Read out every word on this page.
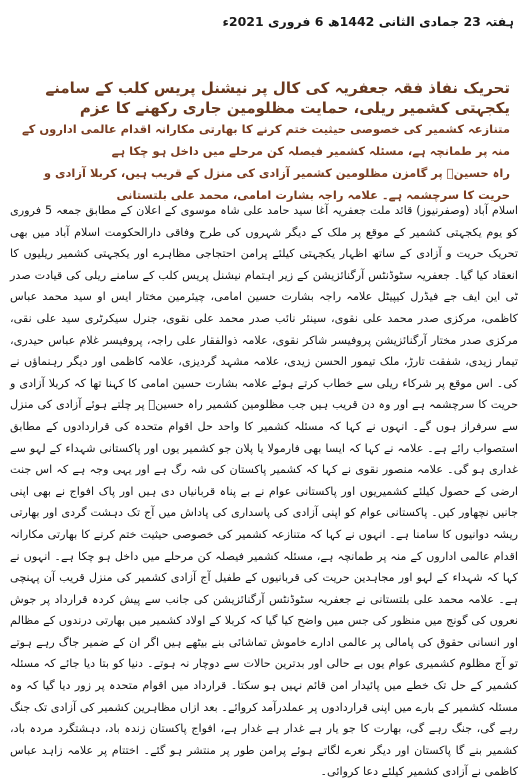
ہفتہ 23 جمادی الثانی 1442ھ 6 فروری 2021ء
تحریک نفاذ فقہ جعفریہ کی کال پر نیشنل پریس کلب کے سامنے یکجہتی کشمیر ریلی، حمایت مظلومین جاری رکھنے کا عزم

متنازعہ کشمیر کی خصوصی حیثیت ختم کرنے کا بھارتی مکارانہ اقدام عالمی اداروں کے منہ پر طمانچہ ہے، مسئلہ کشمیر فیصلہ کن مرحلے میں داخل ہو چکا ہے

راہ حسینؑ پر گامزن مظلومین کشمیر آزادی کی منزل کے قریب ہیں، کربلا آزادی و حریت کا سرچشمہ ہے۔ علامہ راجہ بشارت امامی، محمد علی بلتستانی

اسلام آباد (وصفرنیوز) قائد ملت جعفریہ آغا سید حامد علی شاہ موسوی کے اعلان کے مطابق جمعہ 5 فروری کو یوم یکجہتی کشمیر کے موقع پر ملک کے دیگر شہروں کی طرح وفاقی دارالحکومت اسلام آباد میں بھی تحریک حریت و آزادی کے ساتھ اظہار یکجہتی کیلئے پرامن احتجاجی مظاہرے اور یکجہتی کشمیر ریلیوں کا انعقاد کیا گیا۔ جعفریہ سٹوڈنٹس آرگنائزیشن کے زیر اہتمام نیشنل پریس کلب کے سامنے ریلی کی قیادت صدر ٹی این ایف جے فیڈرل کیپیٹل علامہ راجہ بشارت حسین امامی، چیئرمین مختار ایس او سید محمد عباس کاظمی، مرکزی صدر محمد علی نقوی، سینئر نائب صدر محمد علی نقوی، جنرل سیکرٹری سید علی نقی، مرکزی صدر مختار آرگنائزیشن پروفیسر شاکر نقوی، علامہ ذوالفقار علی راجہ، پروفیسر غلام عباس حیدری، تیمار زیدی، شفقت تارڑ، ملک تیمور الحسن زیدی، علامہ مشہد گردیزی، علامہ کاظمی اور دیگر رہنماؤں نے کی۔ اس موقع پر شرکاء ریلی سے خطاب کرتے ہوئے علامہ بشارت حسین امامی کا کہنا تھا کہ کربلا آزادی و حریت کا سرچشمہ ہے اور وہ دن قریب ہیں جب مظلومین کشمیر راہ حسینؑ پر چلتے ہوئے آزادی کی منزل سے سرفراز ہوں گے۔ انہوں نے کہا کہ مسئلہ کشمیر کا واحد حل اقوام متحدہ کی قراردادوں کے مطابق استصواب رائے ہے۔ علامہ نے کہا کہ ایسا بھی فارمولا یا پلان جو کشمیر یوں اور پاکستانی شہداء کے لہو سے غداری ہو گی۔ علامہ منصور نقوی نے کہا کہ کشمیر پاکستان کی شہ رگ ہے اور یہی وجہ ہے کہ اس جنت ارضی کے حصول کیلئے کشمیریوں اور پاکستانی عوام نے بے پناہ قربانیاں دی ہیں اور پاک افواج نے بھی اپنی جانیں نچھاور کیں۔ پاکستانی عوام کو اپنی آزادی کی پاسداری کی پاداش میں آج تک دہشت گردی اور بھارتی ریشہ دوانیوں کا سامنا ہے۔ انہوں نے کہا کہ متنازعہ کشمیر کی خصوصی حیثیت ختم کرنے کا بھارتی مکارانہ اقدام عالمی اداروں کے منہ پر طمانچہ ہے، مسئلہ کشمیر فیصلہ کن مرحلے میں داخل ہو چکا ہے۔ انہوں نے کہا کہ شہداء کے لہو اور مجاہدین حریت کی قربانیوں کے طفیل آج آزادی کشمیر کی منزل قریب آن پہنچی ہے۔ علامہ محمد علی بلتستانی نے جعفریہ سٹوڈنٹس آرگنائزیشن کی جانب سے پیش کردہ قرارداد پر جوش نعروں کی گونج میں منظور کی جس میں واضح کیا گیا کہ کربلا کے اولاد کشمیر میں بھارتی درندوں کے مظالم اور انسانی حقوق کی پامالی پر عالمی ادارے خاموش تماشائی بنے بیٹھے ہیں اگر ان کے ضمیر جاگ رہے ہوتے تو آج مظلوم کشمیری عوام یوں بے حالی اور بدترین حالات سے دوچار نہ ہوتے۔ دنیا کو بتا دیا جائے کہ مسئلہ کشمیر کے حل تک خطے میں پائیدار امن قائم نہیں ہو سکتا۔ قرارداد میں اقوام متحدہ پر زور دیا گیا کہ وہ مسئلہ کشمیر کے بارے میں اپنی قراردادوں پر عملدرآمد کروائے۔ بعد ازاں مظاہرین کشمیر کی آزادی تک جنگ رہے گی، جنگ رہے گی، بھارت کا جو یار ہے غدار ہے غدار ہے، افواج پاکستان زندہ باد، دہشتگرد مردہ باد، کشمیر بنے گا پاکستان اور دیگر نعرے لگاتے ہوئے پرامن طور پر منتشر ہو گئے۔ اختتام پر علامہ زاہد عباس کاظمی نے آزادی کشمیر کیلئے دعا کروائی۔
